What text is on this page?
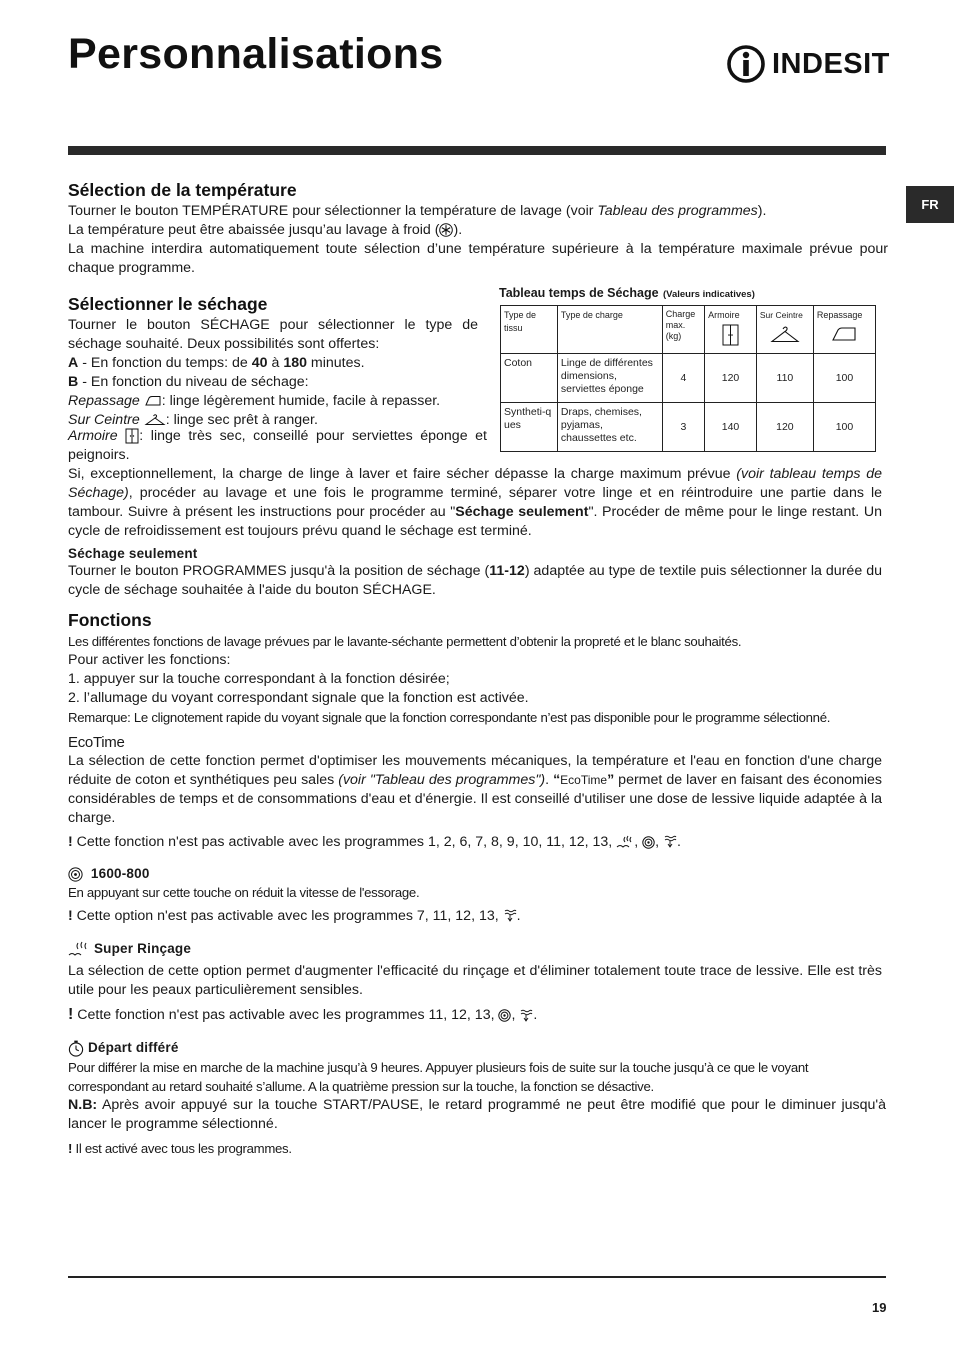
Personnalisations	INDESIT
FR
Sélection de la température

Tourner le bouton TEMPÉRATURE pour sélectionner la température de lavage (voir Tableau des programmes).

La température peut être abaissée jusqu’au lavage à froid ( ).

La machine interdira automatiquement toute sélection d’une température supérieure à la température maximale prévue pour chaque programme.

Sélectionner le séchage

Tourner le bouton SÉCHAGE pour sélectionner le type de séchage souhaité. Deux possibilités sont offertes:

A - En fonction du temps: de 40 à 180 minutes.

B - En fonction du niveau de séchage:

Repassage : linge légèrement humide, facile à repasser.

Sur Ceintre : linge sec prêt à ranger.

Armoire : linge très sec, conseillé pour serviettes éponge et peignoirs.

Tableau temps de Séchage (Valeurs indicatives)
Type de tissu	Type de charge	Charge max. (kg)	Armoire	Sur Ceintre	Repassage

Coton	Linge de différentes dimensions, serviettes éponge	4	120	110	100
Syntheti-ques	Draps, chemises, pyjamas, chaussettes etc.	3	140	120	100

Si, exceptionnellement, la charge de linge à laver et faire sécher dépasse la charge maximum prévue (voir tableau temps de Séchage), procéder au lavage et une fois le programme terminé, séparer votre linge et en réintroduire une partie dans le tambour. Suivre à présent les instructions pour procéder au "Séchage seulement". Procéder de même pour le linge restant. Un cycle de refroidissement est toujours prévu quand le séchage est terminé.

Séchage seulement

Tourner le bouton PROGRAMMES jusqu'à la position de séchage (11-12) adaptée au type de textile puis sélectionner la durée du cycle de séchage souhaitée à l'aide du bouton SÉCHAGE.

Fonctions
Les différentes fonctions de lavage prévues par le lavante-séchante permettent d’obtenir la propreté et le blanc souhaités.
Pour activer les fonctions:
1. appuyer sur la touche correspondant à la fonction désirée;
2. l’allumage du voyant correspondant signale que la fonction est activée.
Remarque: Le clignotement rapide du voyant signale que la fonction correspondante n’est pas disponible pour le programme sélectionné.
EcoTime

La sélection de cette fonction permet d'optimiser les mouvements mécaniques, la température et l'eau en fonction d'une charge réduite de coton et synthétiques peu sales (voir "Tableau des programmes"). “EcoTime” permet de laver en faisant des économies considérables de temps et de consommations d'eau et d'énergie. Il est conseillé d'utiliser une dose de lessive liquide adaptée à la charge.

! Cette fonction n'est pas activable avec les programmes 1, 2, 6, 7, 8, 9, 10, 11, 12, 13, , , .
1600-800
En appuyant sur cette touche on réduit la vitesse de l'essorage.
! Cette option n'est pas activable avec les programmes 7, 11, 12, 13, .
Super Rinçage

La sélection de cette option permet d'augmenter l'efficacité du rinçage et d'éliminer totalement toute trace de lessive. Elle est très utile pour les peaux particulièrement sensibles.

! Cette fonction n'est pas activable avec les programmes 11, 12, 13, , .
Départ différé
Pour différer la mise en marche de la machine jusqu’à 9 heures. Appuyer plusieurs fois de suite sur la touche jusqu’à ce que le voyant correspondant au retard souhaité s’allume. A la quatrième pression sur la touche, la fonction se désactive.
N.B: Après avoir appuyé sur la touche START/PAUSE, le retard programmé ne peut être modifié que pour le diminuer jusqu'à lancer le programme sélectionné.
! Il est activé avec tous les programmes.
19
